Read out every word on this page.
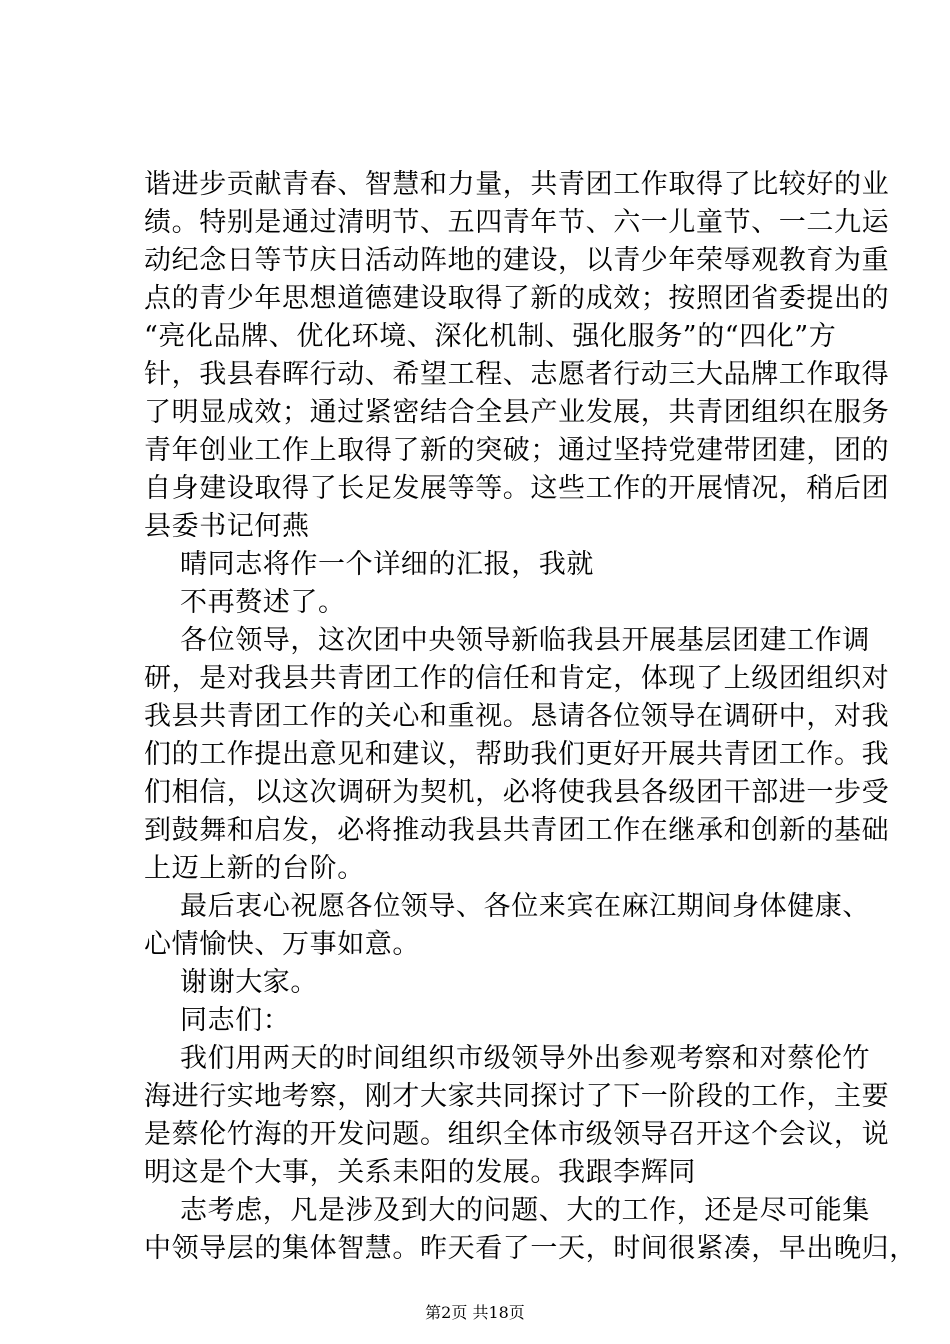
谐进步贡献青春、智慧和力量，共青团工作取得了比较好的业
绩。特别是通过清明节、五四青年节、六一儿童节、一二九运
动纪念日等节庆日活动阵地的建设，以青少年荣辱观教育为重
点的青少年思想道德建设取得了新的成效；按照团省委提出的
“亮化品牌、优化环境、深化机制、强化服务”的“四化”方
针，我县春晖行动、希望工程、志愿者行动三大品牌工作取得
了明显成效；通过紧密结合全县产业发展，共青团组织在服务
青年创业工作上取得了新的突破；通过坚持党建带团建，团的
自身建设取得了长足发展等等。这些工作的开展情况，稍后团
县委书记何燕
晴同志将作一个详细的汇报，我就
不再赘述了。
各位领导，这次团中央领导新临我县开展基层团建工作调
研，是对我县共青团工作的信任和肯定，体现了上级团组织对
我县共青团工作的关心和重视。恳请各位领导在调研中，对我
们的工作提出意见和建议，帮助我们更好开展共青团工作。我
们相信，以这次调研为契机，必将使我县各级团干部进一步受
到鼓舞和启发，必将推动我县共青团工作在继承和创新的基础
上迈上新的台阶。
最后衷心祝愿各位领导、各位来宾在麻江期间身体健康、
心情愉快、万事如意。
谢谢大家。
同志们：
我们用两天的时间组织市级领导外出参观考察和对蔡伦竹
海进行实地考察，刚才大家共同探讨了下一阶段的工作，主要
是蔡伦竹海的开发问题。组织全体市级领导召开这个会议，说
明这是个大事，关系耒阳的发展。我跟李辉同
志考虑，凡是涉及到大的问题、大的工作，还是尽可能集
中领导层的集体智慧。昨天看了一天，时间很紧凑，早出晚归，
第2页 共18页
